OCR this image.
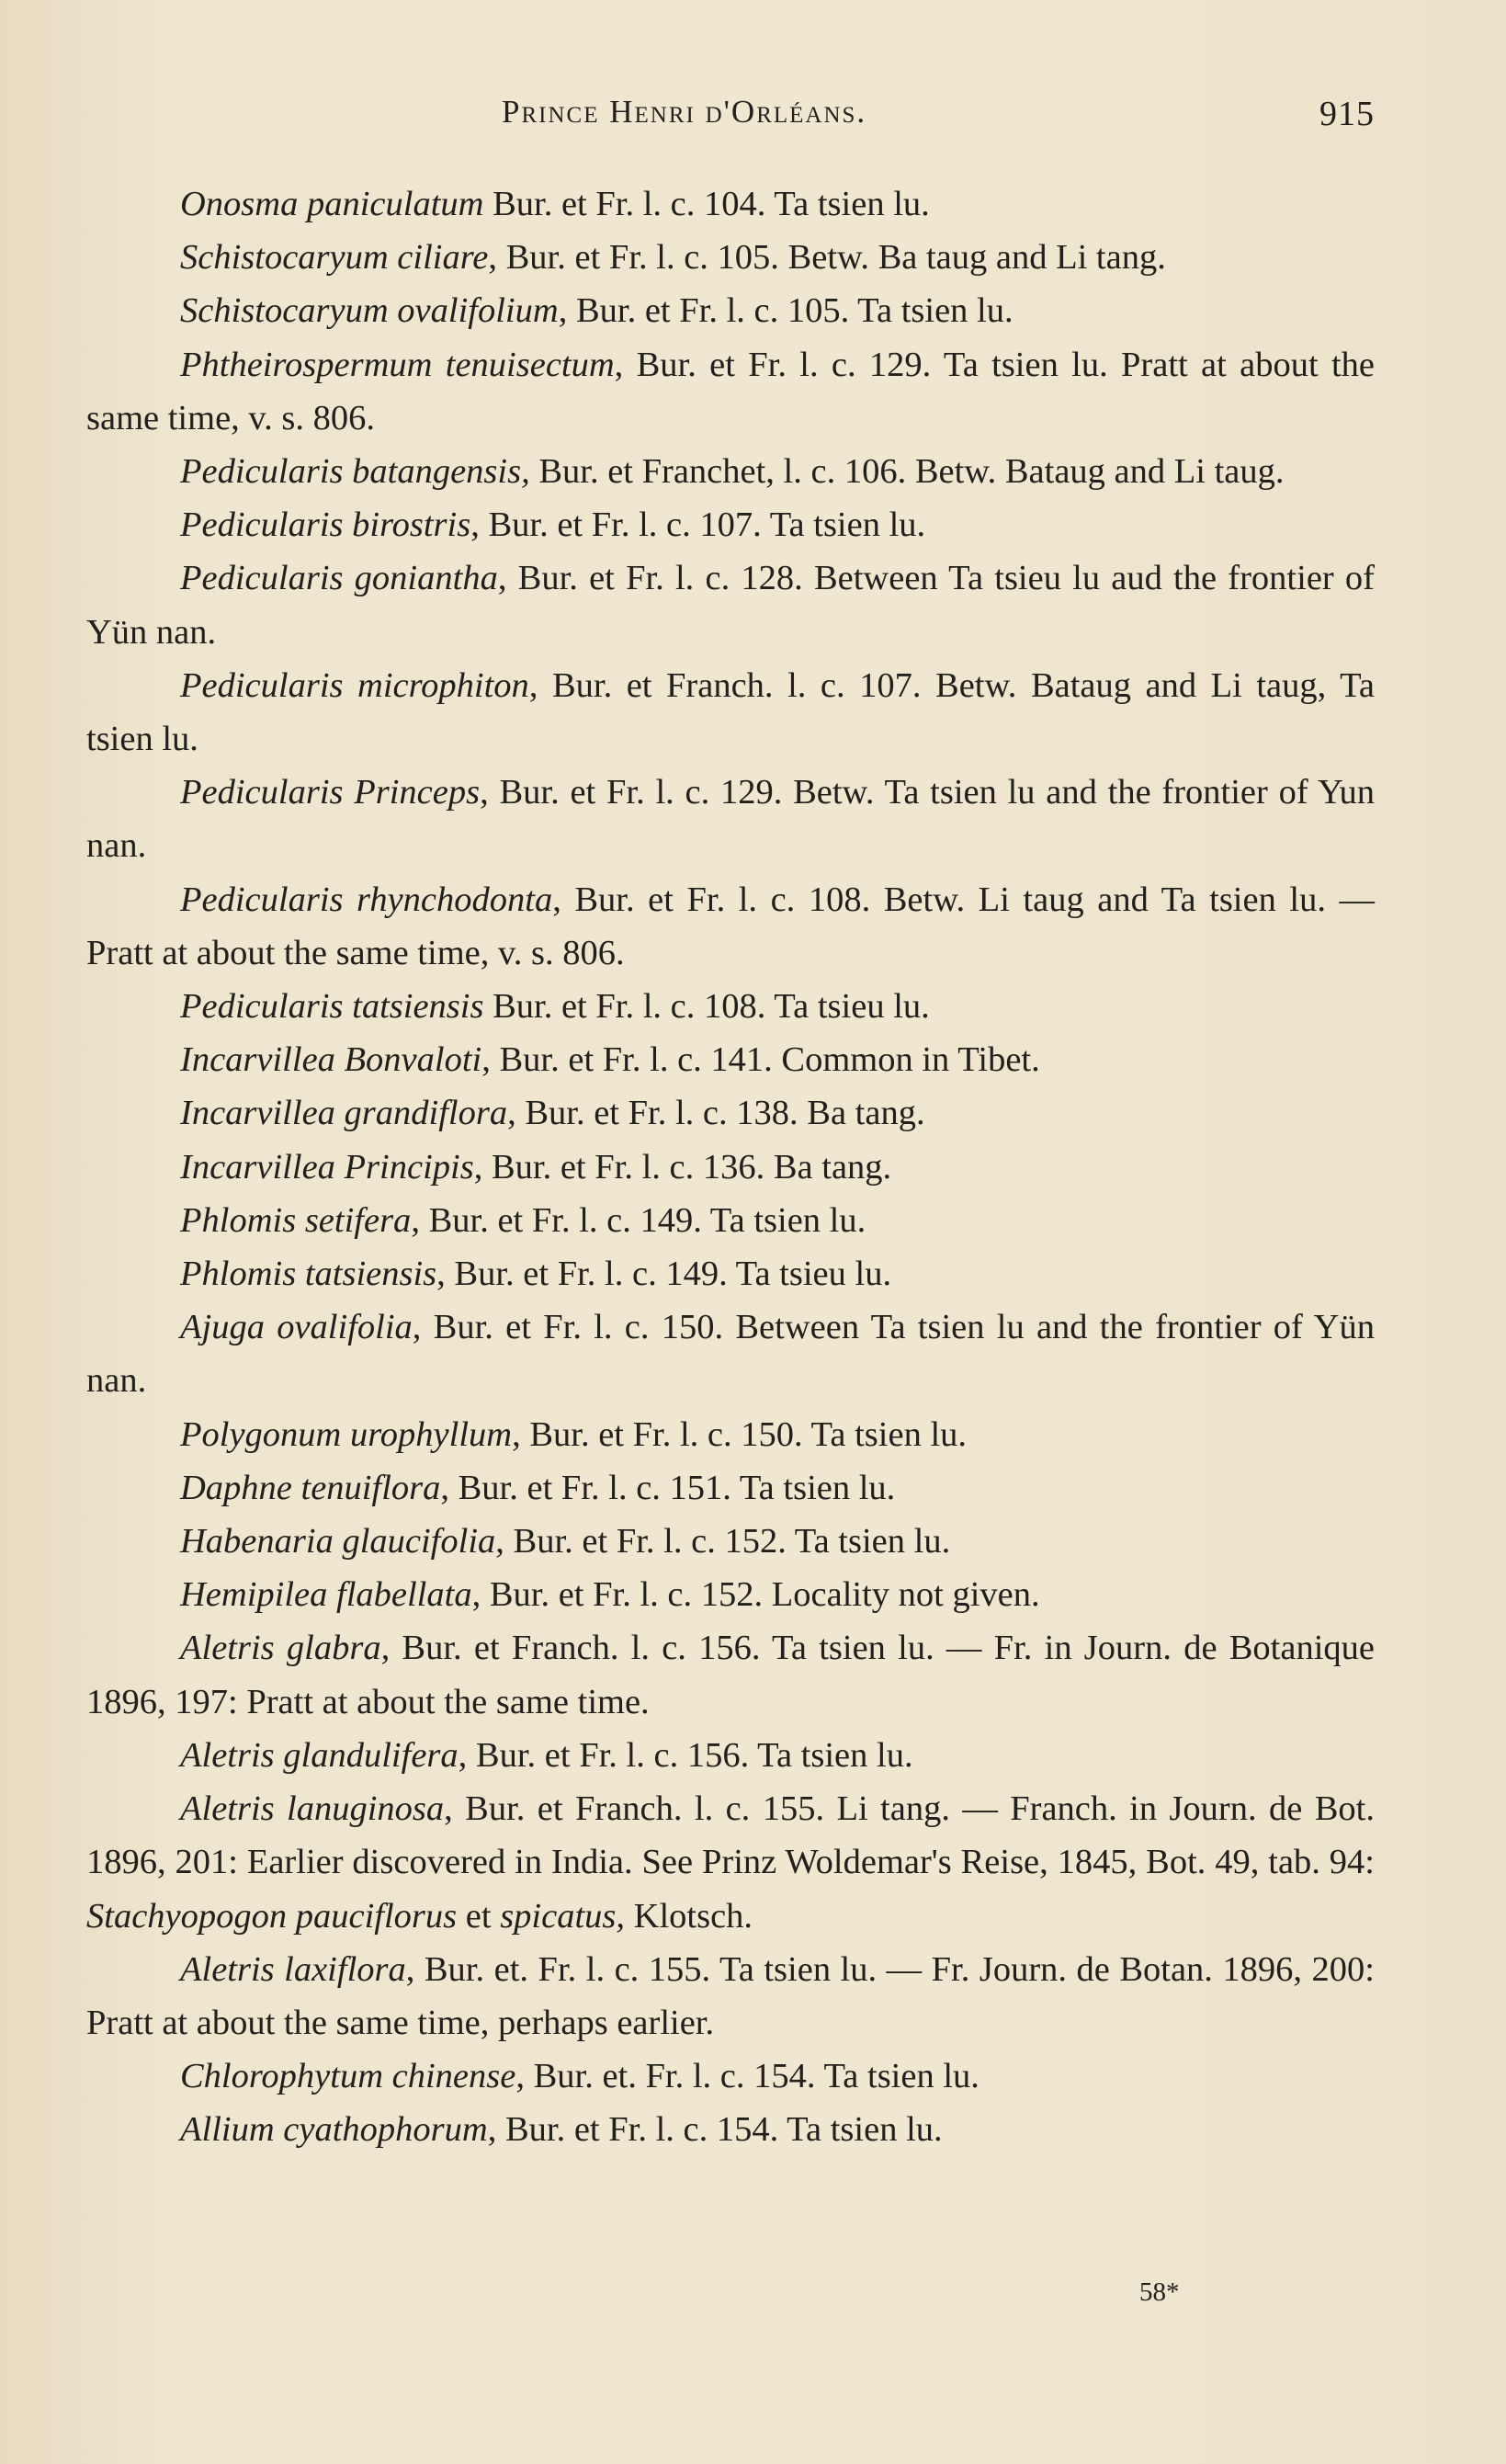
Prince Henri d'Orléans.	915

Onosma paniculatum Bur. et Fr. l. c. 104. Ta tsien lu.

Schistocaryum ciliare, Bur. et Fr. l. c. 105. Betw. Ba taug and Li tang.

Schistocaryum ovalifolium, Bur. et Fr. l. c. 105. Ta tsien lu.

Phtheirospermum tenuisectum, Bur. et Fr. l. c. 129. Ta tsien lu. Pratt at about the same time, v. s. 806.

Pedicularis batangensis, Bur. et Franchet, l. c. 106. Betw. Bataug and Li taug.

Pedicularis birostris, Bur. et Fr. l. c. 107. Ta tsien lu.

Pedicularis goniantha, Bur. et Fr. l. c. 128. Between Ta tsieu lu aud the frontier of Yün nan.

Pedicularis microphiton, Bur. et Franch. l. c. 107. Betw. Bataug and Li taug, Ta tsien lu.

Pedicularis Princeps, Bur. et Fr. l. c. 129. Betw. Ta tsien lu and the frontier of Yun nan.

Pedicularis rhynchodonta, Bur. et Fr. l. c. 108. Betw. Li taug and Ta tsien lu. — Pratt at about the same time, v. s. 806.

Pedicularis tatsiensis Bur. et Fr. l. c. 108. Ta tsieu lu.

Incarvillea Bonvaloti, Bur. et Fr. l. c. 141. Common in Tibet.

Incarvillea grandiflora, Bur. et Fr. l. c. 138. Ba tang.

Incarvillea Principis, Bur. et Fr. l. c. 136. Ba tang.

Phlomis setifera, Bur. et Fr. l. c. 149. Ta tsien lu.

Phlomis tatsiensis, Bur. et Fr. l. c. 149. Ta tsieu lu.

Ajuga ovalifolia, Bur. et Fr. l. c. 150. Between Ta tsien lu and the frontier of Yün nan.

Polygonum urophyllum, Bur. et Fr. l. c. 150. Ta tsien lu.

Daphne tenuiflora, Bur. et Fr. l. c. 151. Ta tsien lu.

Habenaria glaucifolia, Bur. et Fr. l. c. 152. Ta tsien lu.

Hemipilea flabellata, Bur. et Fr. l. c. 152. Locality not given.

Aletris glabra, Bur. et Franch. l. c. 156. Ta tsien lu. — Fr. in Journ. de Botanique 1896, 197: Pratt at about the same time.

Aletris glandulifera, Bur. et Fr. l. c. 156. Ta tsien lu.

Aletris lanuginosa, Bur. et Franch. l. c. 155. Li tang. — Franch. in Journ. de Bot. 1896, 201: Earlier discovered in India. See Prinz Woldemar's Reise, 1845, Bot. 49, tab. 94: Stachyopogon pauciflorus et spicatus, Klotsch.

Aletris laxiflora, Bur. et. Fr. l. c. 155. Ta tsien lu. — Fr. Journ. de Botan. 1896, 200: Pratt at about the same time, perhaps earlier.

Chlorophytum chinense, Bur. et. Fr. l. c. 154. Ta tsien lu.

Allium cyathophorum, Bur. et Fr. l. c. 154. Ta tsien lu.

58*
